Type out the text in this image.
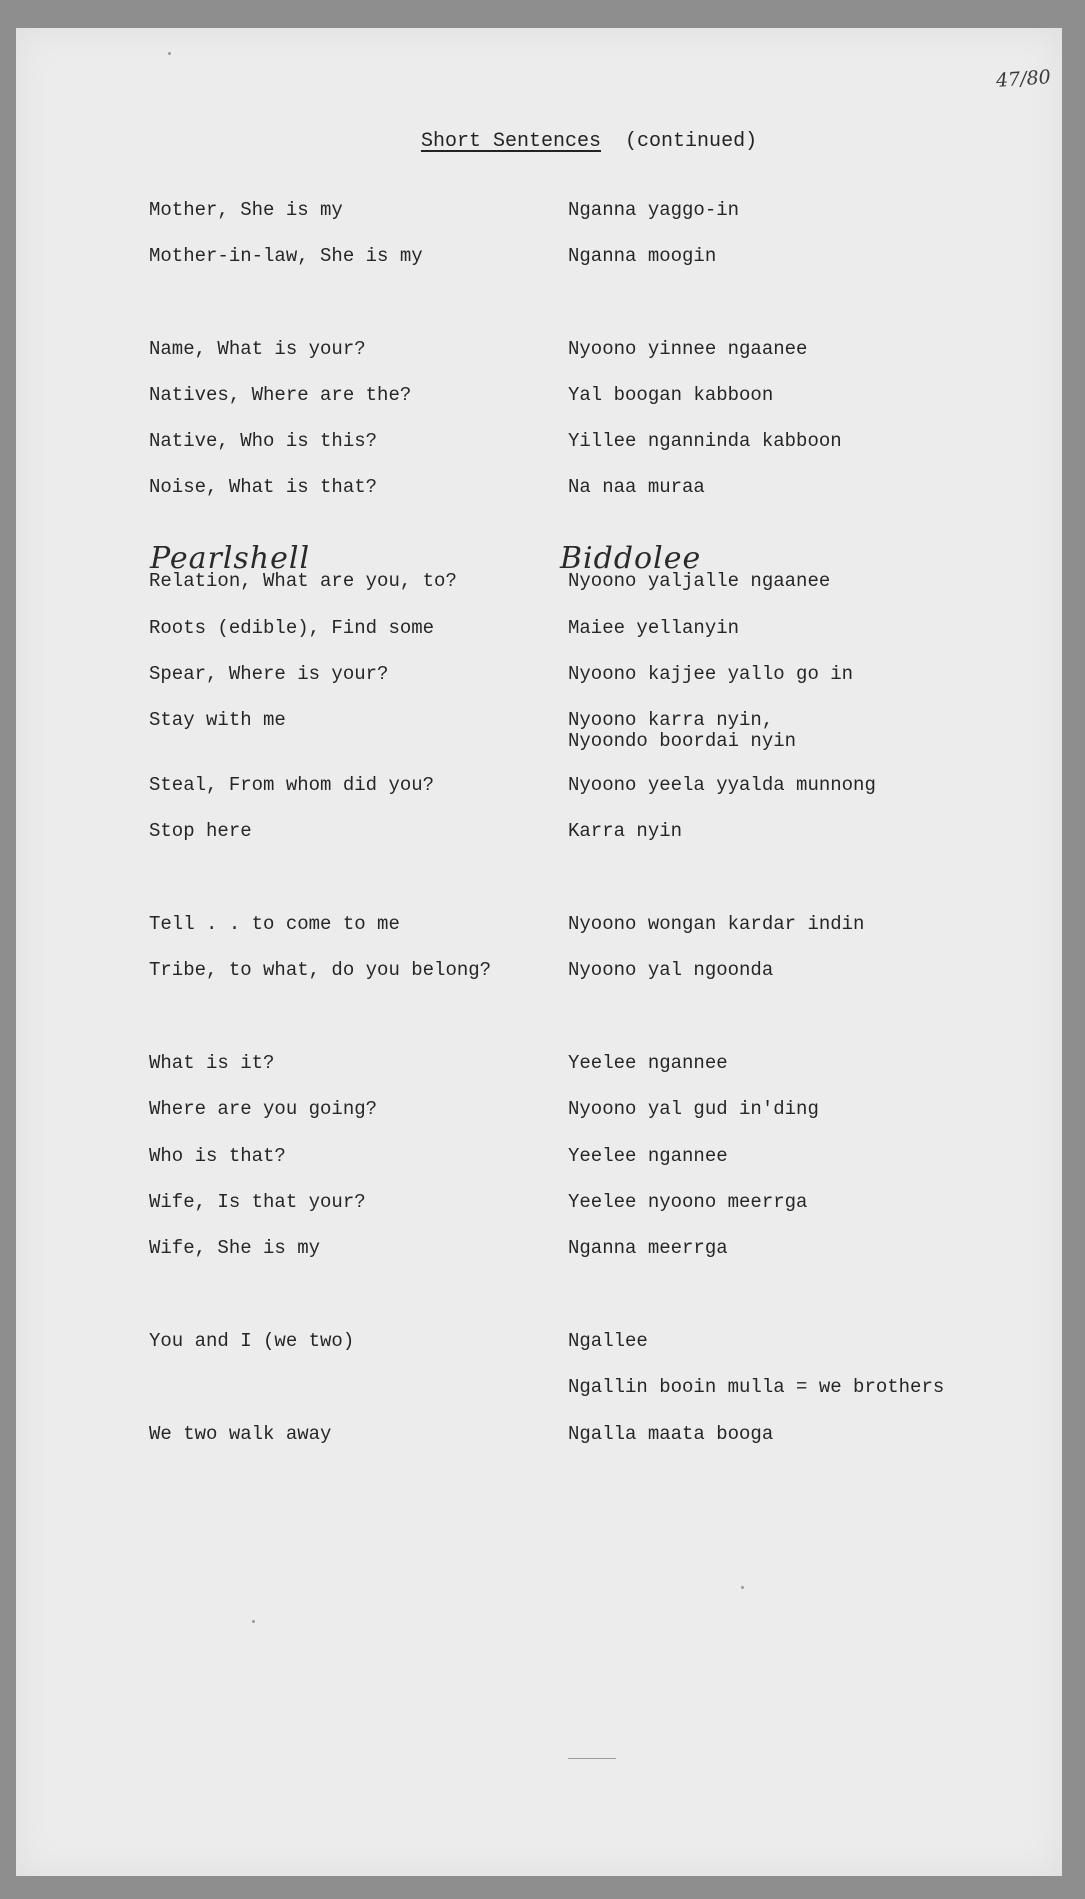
47/80
Short Sentences (continued)
Pearlshell	Biddolee
Mother, She is my	Nganna yaggo-in
Mother-in-law, She is my	Nganna moogin
Name, What is your?	Nyoono yinnee ngaanee
Natives, Where are the?	Yal boogan kabboon
Native, Who is this?	Yillee nganninda kabboon
Noise, What is that?	Na naa muraa
Relation, What are you, to?	Nyoono yaljalle ngaanee
Roots (edible), Find some	Maiee yellanyin
Spear, Where is your?	Nyoono kajjee yallo go in
Stay with me	Nyoono karra nyin,
Nyoondo boordai nyin
Steal, From whom did you?	Nyoono yeela yyalda munnong
Stop here	Karra nyin
Tell . . to come to me	Nyoono wongan kardar indin
Tribe, to what, do you belong?	Nyoono yal ngoonda
What is it?	Yeelee ngannee
Where are you going?	Nyoono yal gud in'ding
Who is that?	Yeelee ngannee
Wife, Is that your?	Yeelee nyoono meerrga
Wife, She is my	Nganna meerrga
You and I (we two)	Ngallee
Ngallin booin mulla = we brothers
We two walk away	Ngalla maata booga
